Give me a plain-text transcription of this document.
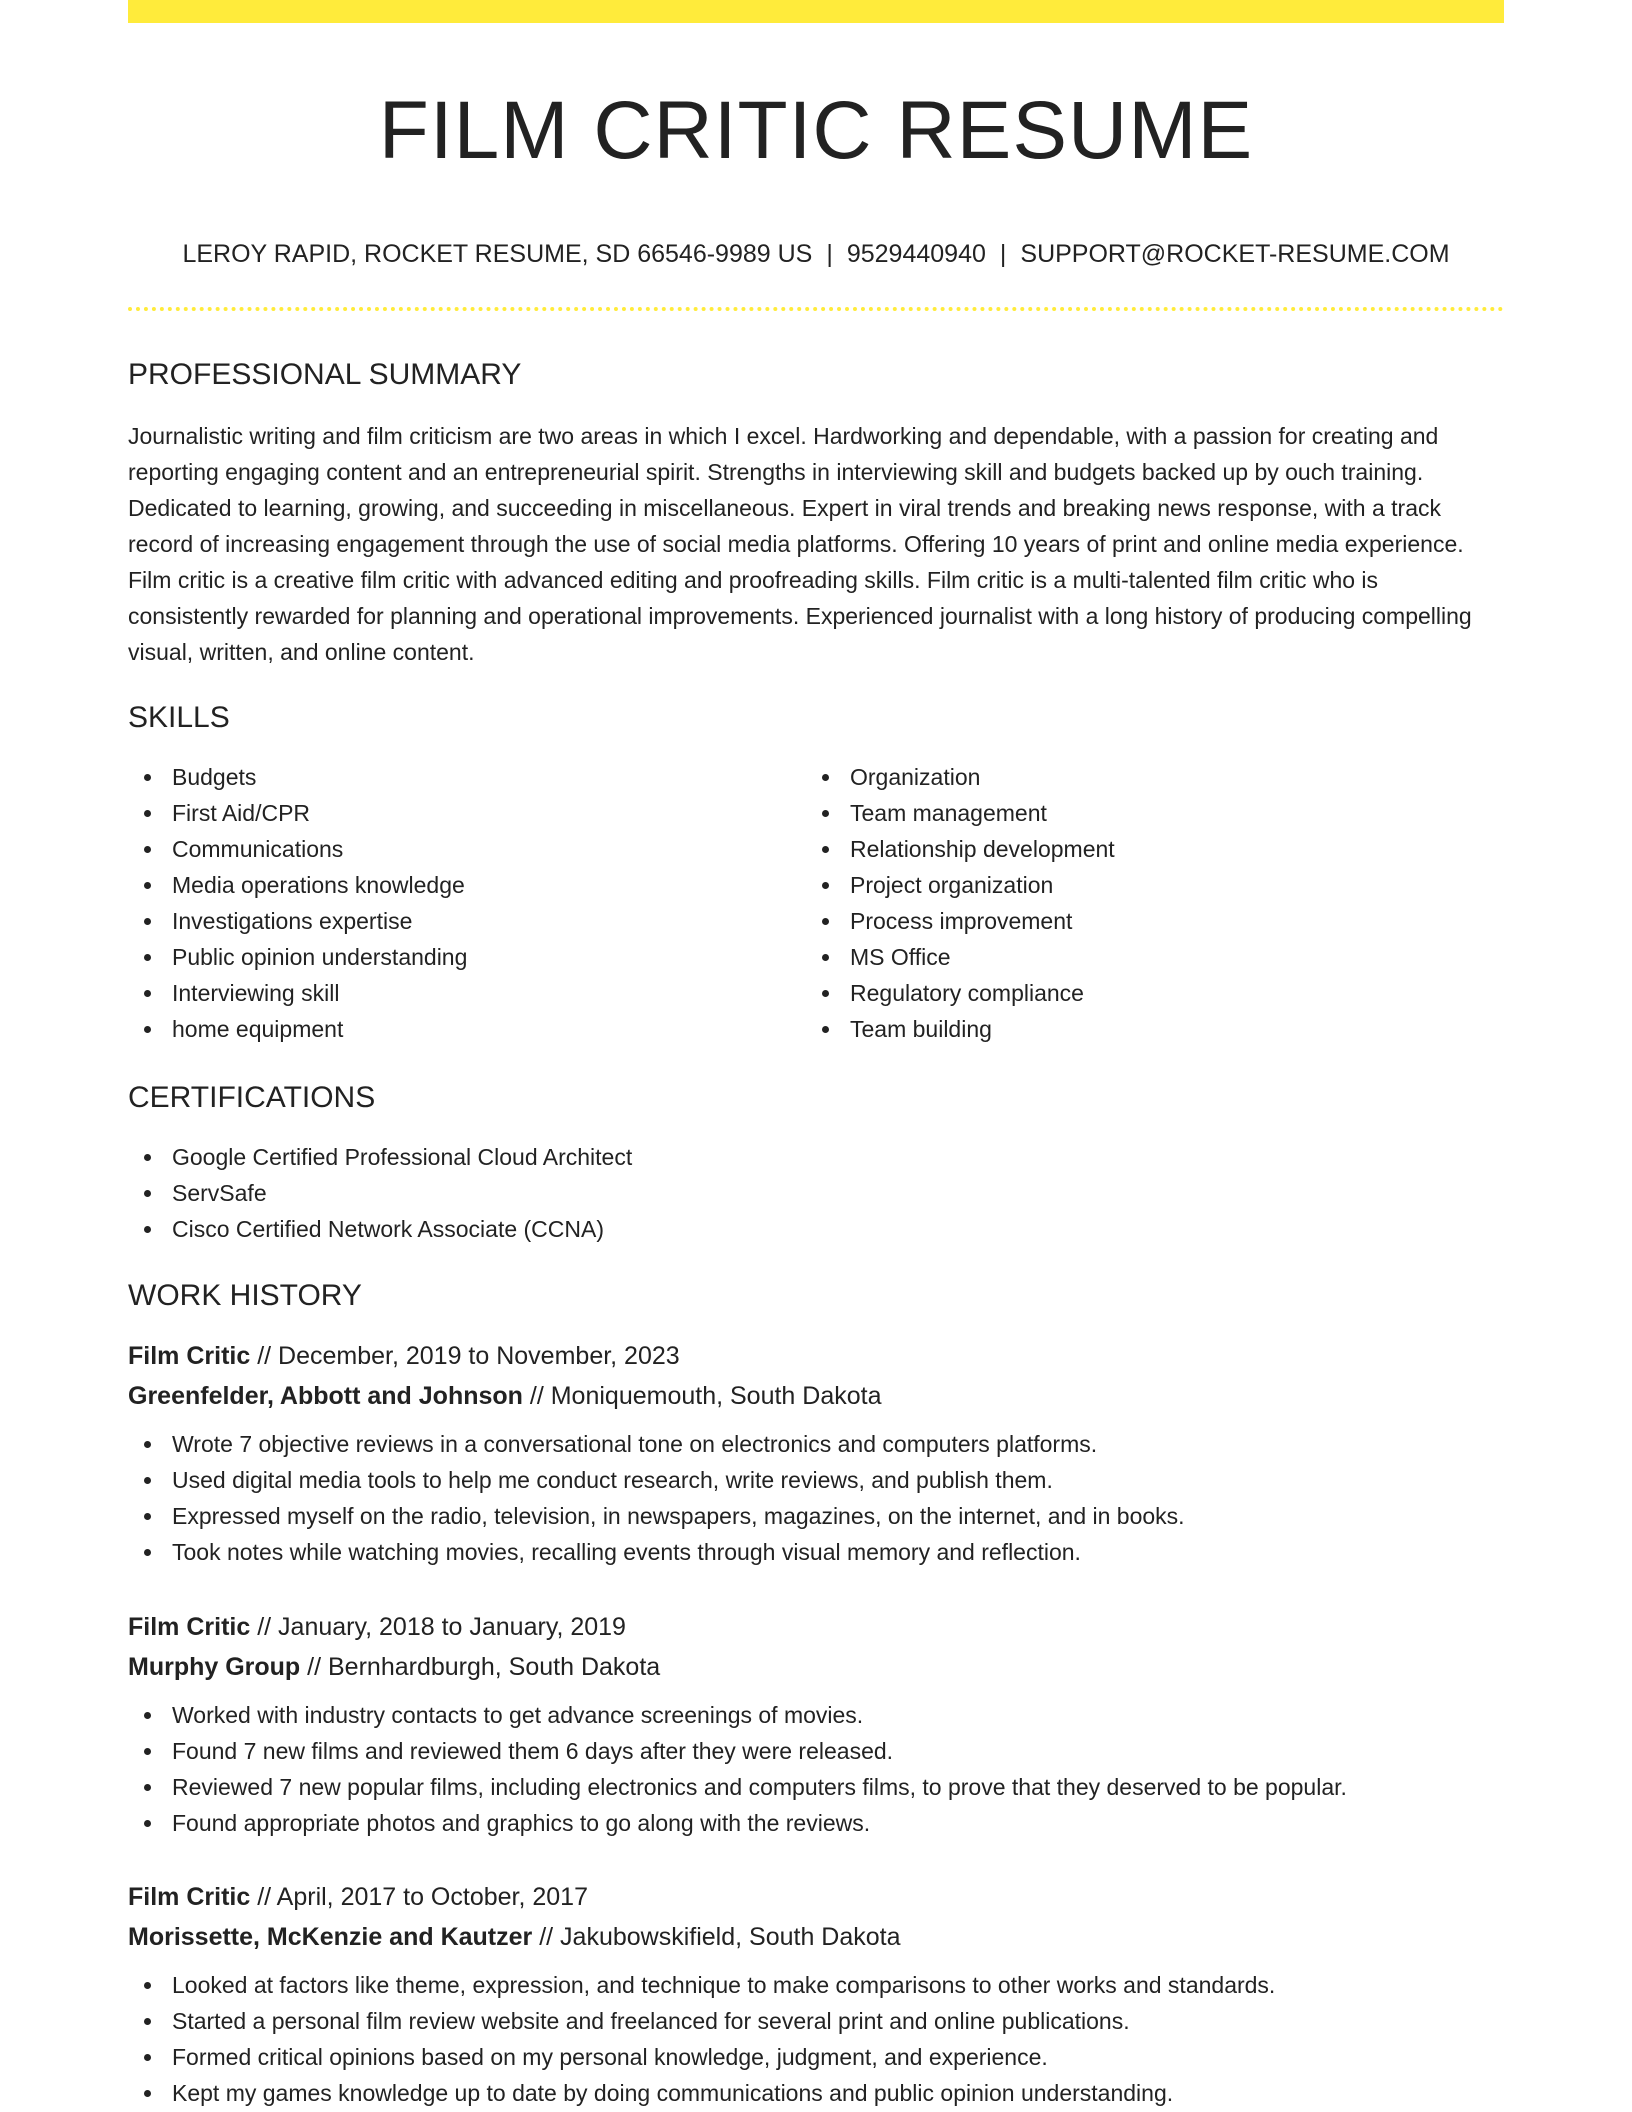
FILM CRITIC RESUME
LEROY RAPID, ROCKET RESUME, SD 66546-9989 US | 9529440940 | SUPPORT@ROCKET-RESUME.COM
PROFESSIONAL SUMMARY

Journalistic writing and film criticism are two areas in which I excel. Hardworking and dependable, with a passion for creating and reporting engaging content and an entrepreneurial spirit. Strengths in interviewing skill and budgets backed up by ouch training. Dedicated to learning, growing, and succeeding in miscellaneous. Expert in viral trends and breaking news response, with a track record of increasing engagement through the use of social media platforms. Offering 10 years of print and online media experience. Film critic is a creative film critic with advanced editing and proofreading skills. Film critic is a multi-talented film critic who is consistently rewarded for planning and operational improvements. Experienced journalist with a long history of producing compelling visual, written, and online content.

SKILLS
Budgets
First Aid/CPR
Communications
Media operations knowledge
Investigations expertise
Public opinion understanding
Interviewing skill
home equipment
Organization
Team management
Relationship development
Project organization
Process improvement
MS Office
Regulatory compliance
Team building
CERTIFICATIONS
Google Certified Professional Cloud Architect
ServSafe
Cisco Certified Network Associate (CCNA)
WORK HISTORY
Film Critic // December, 2019 to November, 2023
Greenfelder, Abbott and Johnson // Moniquemouth, South Dakota
Wrote 7 objective reviews in a conversational tone on electronics and computers platforms.
Used digital media tools to help me conduct research, write reviews, and publish them.
Expressed myself on the radio, television, in newspapers, magazines, on the internet, and in books.
Took notes while watching movies, recalling events through visual memory and reflection.
Film Critic // January, 2018 to January, 2019
Murphy Group // Bernhardburgh, South Dakota
Worked with industry contacts to get advance screenings of movies.
Found 7 new films and reviewed them 6 days after they were released.
Reviewed 7 new popular films, including electronics and computers films, to prove that they deserved to be popular.
Found appropriate photos and graphics to go along with the reviews.
Film Critic // April, 2017 to October, 2017
Morissette, McKenzie and Kautzer // Jakubowskifield, South Dakota
Looked at factors like theme, expression, and technique to make comparisons to other works and standards.
Started a personal film review website and freelanced for several print and online publications.
Formed critical opinions based on my personal knowledge, judgment, and experience.
Kept my games knowledge up to date by doing communications and public opinion understanding.
